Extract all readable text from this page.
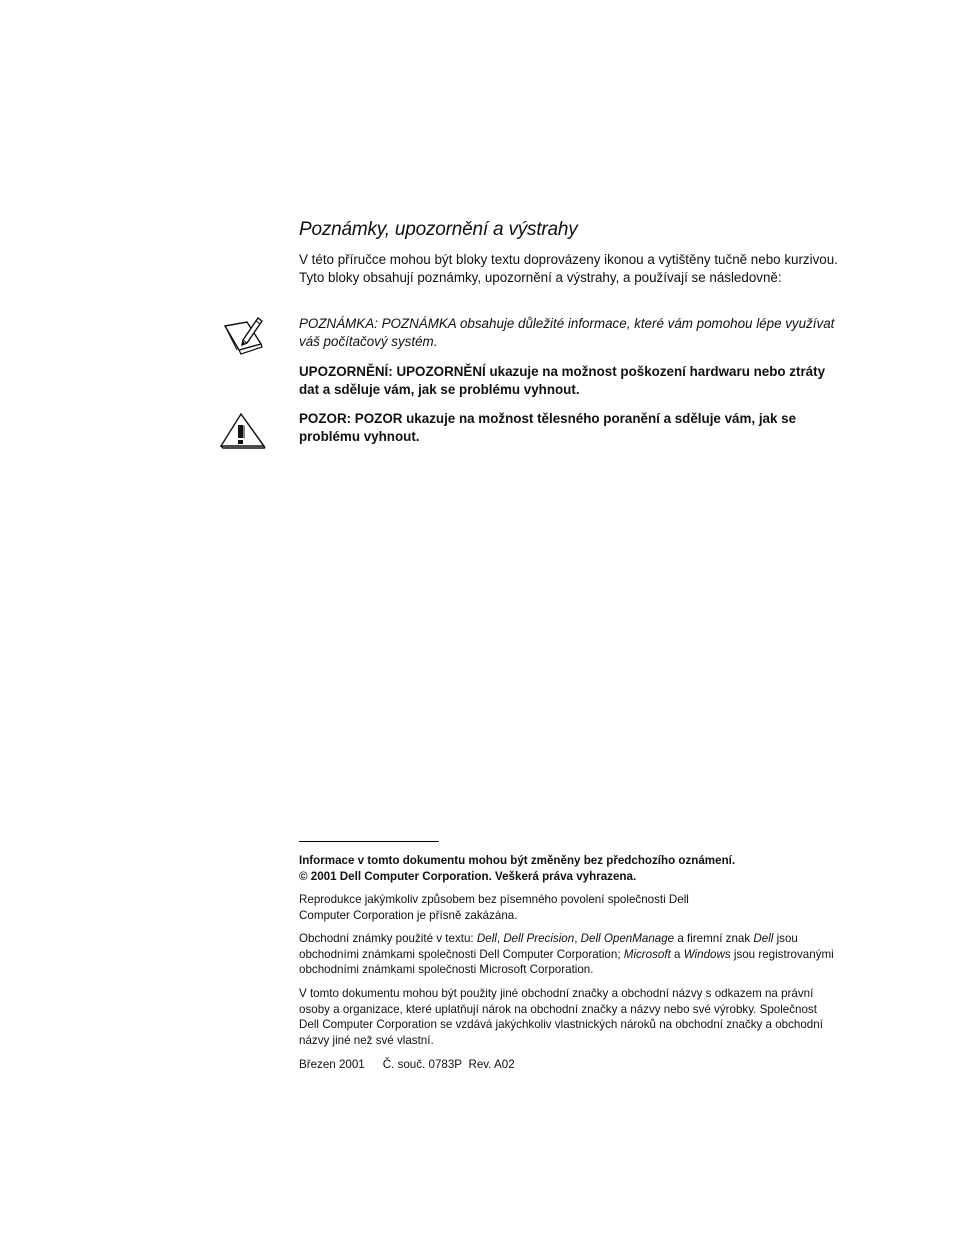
Poznámky, upozornění a výstrahy

V této příručce mohou být bloky textu doprovázeny ikonou a vytištěny tučně nebo kurzivou. Tyto bloky obsahují poznámky, upozornění a výstrahy, a používají se následovně:

POZNÁMKA: POZNÁMKA obsahuje důležité informace, které vám pomohou lépe využívat váš počítačový systém.

UPOZORNĚNÍ: UPOZORNĚNÍ ukazuje na možnost poškození hardwaru nebo ztráty dat a sděluje vám, jak se problému vyhnout.

POZOR: POZOR ukazuje na možnost tělesného poranění a sděluje vám, jak se problému vyhnout.

Informace v tomto dokumentu mohou být změněny bez předchozího oznámení.
© 2001 Dell Computer Corporation. Veškerá práva vyhrazena.

Reprodukce jakýmkoliv způsobem bez písemného povolení společnosti Dell Computer Corporation je přísně zakázána.

Obchodní známky použité v textu: Dell, Dell Precision, Dell OpenManage a firemní znak Dell jsou obchodními známkami společnosti Dell Computer Corporation; Microsoft a Windows jsou registrovanými obchodními známkami společnosti Microsoft Corporation.

V tomto dokumentu mohou být použity jiné obchodní značky a obchodní názvy s odkazem na právní osoby a organizace, které uplatňují nárok na obchodní značky a názvy nebo své výrobky. Společnost Dell Computer Corporation se vzdává jakýchkoliv vlastnických nároků na obchodní značky a obchodní názvy jiné než své vlastní.

Březen 2001 Č. souč. 0783P Rev. A02
